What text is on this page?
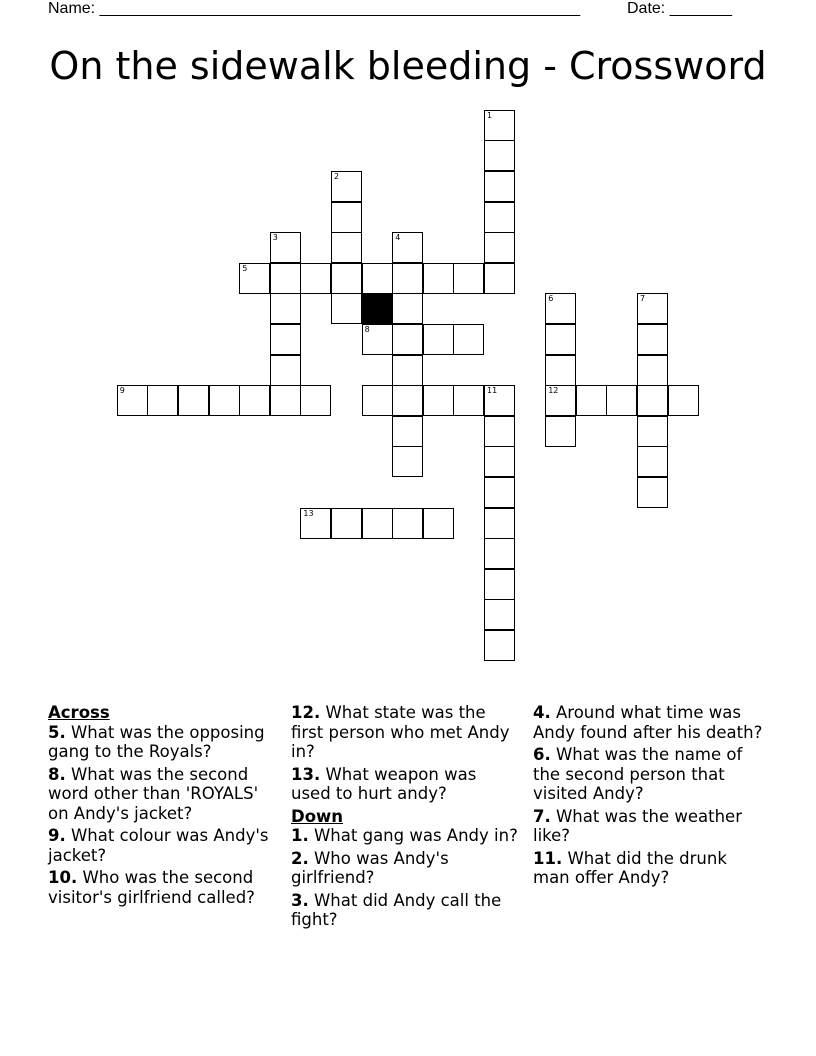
Name: ______________________________________________________	Date: _______
On the sidewalk bleeding - Crossword
1
2
3
5
4
8
6
12
7
9	11
13
Across

5. What was the opposing gang to the Royals?

8. What was the second word other than 'ROYALS' on Andy's jacket?

9. What colour was Andy's jacket?

10. Who was the second visitor's girlfriend called?

12. What state was the first person who met Andy in?

13. What weapon was used to hurt andy?

Down

1. What gang was Andy in?

2. Who was Andy's girlfriend?

3. What did Andy call the fight?

4. Around what time was Andy found after his death?

6. What was the name of the second person that visited Andy?

7. What was the weather like?

11. What did the drunk man offer Andy?
